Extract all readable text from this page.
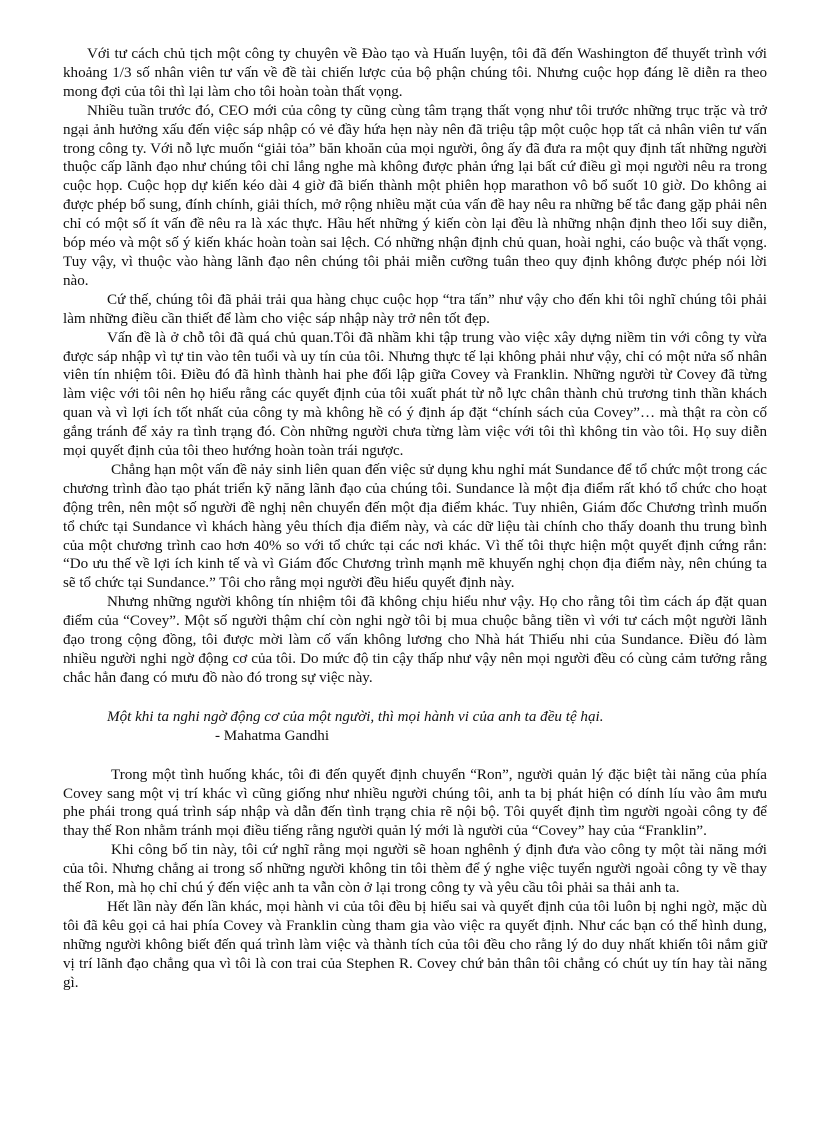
Với tư cách chủ tịch một công ty chuyên về Đào tạo và Huấn luyện, tôi đã đến Washington để thuyết trình với khoảng 1/3 số nhân viên tư vấn về đề tài chiến lược của bộ phận chúng tôi. Nhưng cuộc họp đáng lẽ diễn ra theo mong đợi của tôi thì lại làm cho tôi hoàn toàn thất vọng.

Nhiều tuần trước đó, CEO mới của công ty cũng cùng tâm trạng thất vọng như tôi trước những trục trặc và trở ngại ảnh hưởng xấu đến việc sáp nhập có vẻ đầy hứa hẹn này nên đã triệu tập một cuộc họp tất cả nhân viên tư vấn trong công ty. Với nỗ lực muốn “giải tỏa” băn khoăn của mọi người, ông ấy đã đưa ra một quy định tất những người thuộc cấp lãnh đạo như chúng tôi chỉ lắng nghe mà không được phản ứng lại bất cứ điều gì mọi người nêu ra trong cuộc họp. Cuộc họp dự kiến kéo dài 4 giờ đã biến thành một phiên họp marathon vô bổ suốt 10 giờ. Do không ai được phép bổ sung, đính chính, giải thích, mở rộng nhiều mặt của vấn đề hay nêu ra những bế tắc đang gặp phải nên chỉ có một số ít vấn đề nêu ra là xác thực. Hầu hết những ý kiến còn lại đều là những nhận định theo lối suy diễn, bóp méo và một số ý kiến khác hoàn toàn sai lệch. Có những nhận định chủ quan, hoài nghi, cáo buộc và thất vọng. Tuy vậy, vì thuộc vào hàng lãnh đạo nên chúng tôi phải miễn cưỡng tuân theo quy định không được phép nói lời nào.

Cứ thế, chúng tôi đã phải trải qua hàng chục cuộc họp “tra tấn” như vậy cho đến khi tôi nghĩ chúng tôi phải làm những điều cần thiết để làm cho việc sáp nhập này trở nên tốt đẹp.

Vấn đề là ở chỗ tôi đã quá chủ quan.Tôi đã nhầm khi tập trung vào việc xây dựng niềm tin với công ty vừa được sáp nhập vì tự tin vào tên tuổi và uy tín của tôi. Nhưng thực tế lại không phải như vậy, chỉ có một nửa số nhân viên tín nhiệm tôi. Điều đó đã hình thành hai phe đối lập giữa Covey và Franklin. Những người từ Covey đã từng làm việc với tôi nên họ hiểu rằng các quyết định của tôi xuất phát từ nỗ lực chân thành chủ trương tinh thần khách quan và vì lợi ích tốt nhất của công ty mà không hề có ý định áp đặt “chính sách của Covey”… mà thật ra còn cố gắng tránh để xảy ra tình trạng đó. Còn những người chưa từng làm việc với tôi thì không tin vào tôi. Họ suy diễn mọi quyết định của tôi theo hướng hoàn toàn trái ngược.

Chẳng hạn một vấn đề nảy sinh liên quan đến việc sử dụng khu nghỉ mát Sundance để tổ chức một trong các chương trình đào tạo phát triển kỹ năng lãnh đạo của chúng tôi. Sundance là một địa điểm rất khó tổ chức cho hoạt động trên, nên một số người đề nghị nên chuyển đến một địa điểm khác. Tuy nhiên, Giám đốc Chương trình muốn tổ chức tại Sundance vì khách hàng yêu thích địa điểm này, và các dữ liệu tài chính cho thấy doanh thu trung bình của một chương trình cao hơn 40% so với tổ chức tại các nơi khác. Vì thế tôi thực hiện một quyết định cứng rắn: “Do ưu thế về lợi ích kinh tế và vì Giám đốc Chương trình mạnh mẽ khuyến nghị chọn địa điểm này, nên chúng ta sẽ tổ chức tại Sundance.” Tôi cho rằng mọi người đều hiểu quyết định này.

Nhưng những người không tín nhiệm tôi đã không chịu hiểu như vậy. Họ cho rằng tôi tìm cách áp đặt quan điểm của “Covey”. Một số người thậm chí còn nghi ngờ tôi bị mua chuộc bằng tiền vì với tư cách một người lãnh đạo trong cộng đồng, tôi được mời làm cố vấn không lương cho Nhà hát Thiếu nhi của Sundance. Điều đó làm nhiều người nghi ngờ động cơ của tôi. Do mức độ tin cậy thấp như vậy nên mọi người đều có cùng cảm tưởng rằng chắc hẳn đang có mưu đồ nào đó trong sự việc này.

Một khi ta nghi ngờ động cơ của một người, thì mọi hành vi của anh ta đều tệ hại.

- Mahatma Gandhi

Trong một tình huống khác, tôi đi đến quyết định chuyển “Ron”, người quản lý đặc biệt tài năng của phía Covey sang một vị trí khác vì cũng giống như nhiều người chúng tôi, anh ta bị phát hiện có dính líu vào âm mưu phe phái trong quá trình sáp nhập và dẫn đến tình trạng chia rẽ nội bộ. Tôi quyết định tìm người ngoài công ty để thay thế Ron nhằm tránh mọi điều tiếng rằng người quản lý mới là người của “Covey” hay của “Franklin”.

Khi công bố tin này, tôi cứ nghĩ rằng mọi người sẽ hoan nghênh ý định đưa vào công ty một tài năng mới của tôi. Nhưng chẳng ai trong số những người không tin tôi thèm để ý nghe việc tuyển người ngoài công ty về thay thế Ron, mà họ chỉ chú ý đến việc anh ta vẫn còn ở lại trong công ty và yêu cầu tôi phải sa thải anh ta.

Hết lần này đến lần khác, mọi hành vi của tôi đều bị hiểu sai và quyết định của tôi luôn bị nghi ngờ, mặc dù tôi đã kêu gọi cả hai phía Covey và Franklin cùng tham gia vào việc ra quyết định. Như các bạn có thể hình dung, những người không biết đến quá trình làm việc và thành tích của tôi đều cho rằng lý do duy nhất khiến tôi nắm giữ vị trí lãnh đạo chẳng qua vì tôi là con trai của Stephen R. Covey chứ bản thân tôi chẳng có chút uy tín hay tài năng gì.
